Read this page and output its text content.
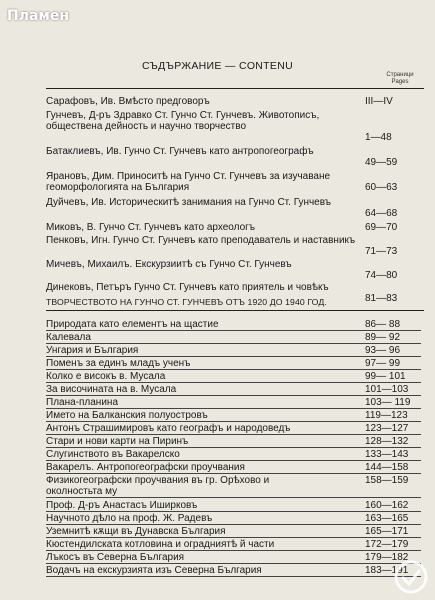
Пламен
СЪДЪРЖАНИЕ — CONTENU
Страници
Pages
Сарафовъ, Ив. Вмѣсто предговоръ	III—IV
Гунчевъ, Д-ръ Здравко Ст. Гунчо Ст. Гунчевъ. Животописъ, обществена дейность и научно творчество
1—48
Батаклиевъ, Ив. Гунчо Ст. Гунчевъ като антропогеографъ
49—59
Ярановъ, Дим. Приноситѣ на Гунчо Ст. Гунчевъ за изучаване геоморфологията на България	60—63
Дуйчевъ, Ив. Историческитѣ занимания на Гунчо Ст. Гунчевъ
64—68
Миковъ, В. Гунчо Ст. Гунчевъ като археологъ	69—70
Пенковъ, Игн. Гунчо Ст. Гунчевъ като преподаватель и наставникъ
71—73
Мичевъ, Михаилъ. Екскурзиитѣ съ Гунчо Ст. Гунчевъ
74—80
Динековъ, Петъръ Гунчо Ст. Гунчевъ като приятель и човѣкъ
81—83
ТВОРЧЕСТВОТО НА ГУНЧО СТ. ГУНЧЕВЪ ОТЪ 1920 ДО 1940 ГОД.
Природата като елементъ на щастие	86— 88
Калевала	89— 92
Унгария и България	93— 96
Поменъ за единъ младъ ученъ	97— 99
Колко е високъ в. Мусала	99— 101
За височината на в. Мусала	101—103
Плана-планина	103— 119
Името на Балканския полуостровъ	119—123
Антонъ Страшимировъ като географъ и народоведъ	123—127
Стари и нови карти на Пиринъ	128—132
Слугинството въ Вакарелско	133—143
Вакарелъ. Антропогеографски проучвания	144—158
Физикогеографски проучвания въ гр. Орѣхово и околностьта му
158—159
Проф. Д-ръ Анастасъ Иширковъ	160—162
Научното дѣло на проф. Ж. Радевъ	163—165
Уземнитѣ кѫщи въ Дунавска България	165—171
Кюстендилската котловина и оградниятѣ й части	172—179
Лъкосъ въ Северна България	179—182
Водачъ на екскурзията изъ Северна България	183—191
